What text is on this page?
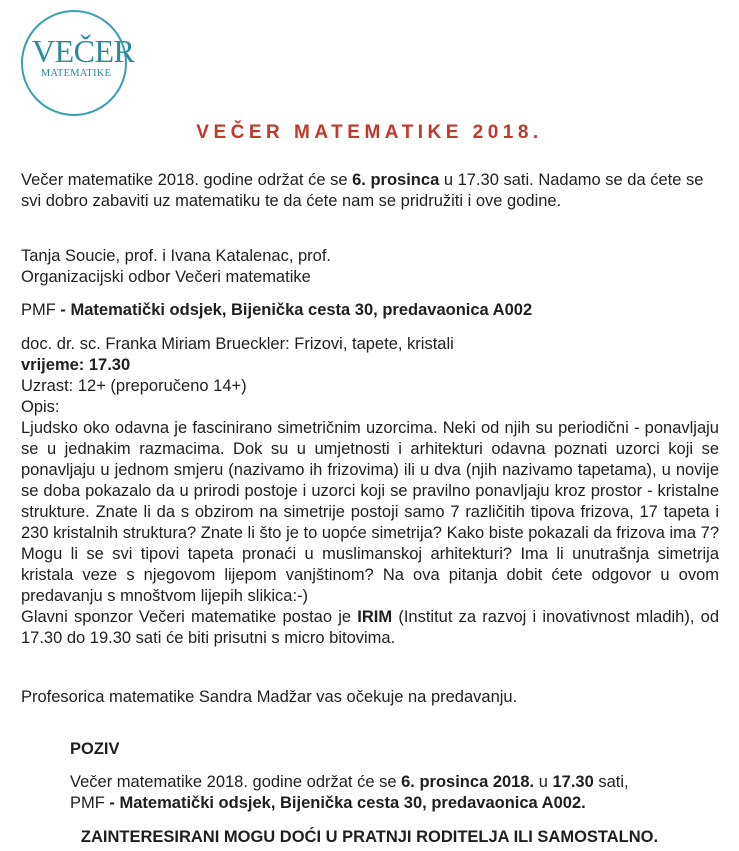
VEČER
MATEMATIKE
VEČER MATEMATIKE 2018.

Večer matematike 2018. godine održat će se 6. prosinca u 17.30 sati. Nadamo se da ćete se svi dobro zabaviti uz matematiku te da ćete nam se pridružiti i ove godine.

Tanja Soucie, prof. i Ivana Katalenac, prof.

Organizacijski odbor Večeri matematike

PMF - Matematički odsjek, Bijenička cesta 30, predavaonica A002

doc. dr. sc. Franka Miriam Brueckler: Frizovi, tapete, kristali

vrijeme: 17.30

Uzrast: 12+ (preporučeno 14+)

Opis:

Ljudsko oko odavna je fascinirano simetričnim uzorcima. Neki od njih su periodični - ponavljaju se u jednakim razmacima. Dok su u umjetnosti i arhitekturi odavna poznati uzorci koji se ponavljaju u jednom smjeru (nazivamo ih frizovima) ili u dva (njih nazivamo tapetama), u novije se doba pokazalo da u prirodi postoje i uzorci koji se pravilno ponavljaju kroz prostor - kristalne strukture. Znate li da s obzirom na simetrije postoji samo 7 različitih tipova frizova, 17 tapeta i 230 kristalnih struktura? Znate li što je to uopće simetrija? Kako biste pokazali da frizova ima 7? Mogu li se svi tipovi tapeta pronaći u muslimanskoj arhitekturi? Ima li unutrašnja simetrija kristala veze s njegovom lijepom vanjštinom? Na ova pitanja dobit ćete odgovor u ovom predavanju s mnoštvom lijepih slikica:-)

Glavni sponzor Večeri matematike postao je IRIM (Institut za razvoj i inovativnost mladih), od 17.30 do 19.30 sati će biti prisutni s micro bitovima.

Profesorica matematike Sandra Madžar vas očekuje na predavanju.

POZIV

Večer matematike 2018. godine održat će se 6. prosinca 2018. u 17.30 sati,

PMF - Matematički odsjek, Bijenička cesta 30, predavaonica A002.

ZAINTERESIRANI MOGU DOĆI U PRATNJI RODITELJA ILI SAMOSTALNO.
